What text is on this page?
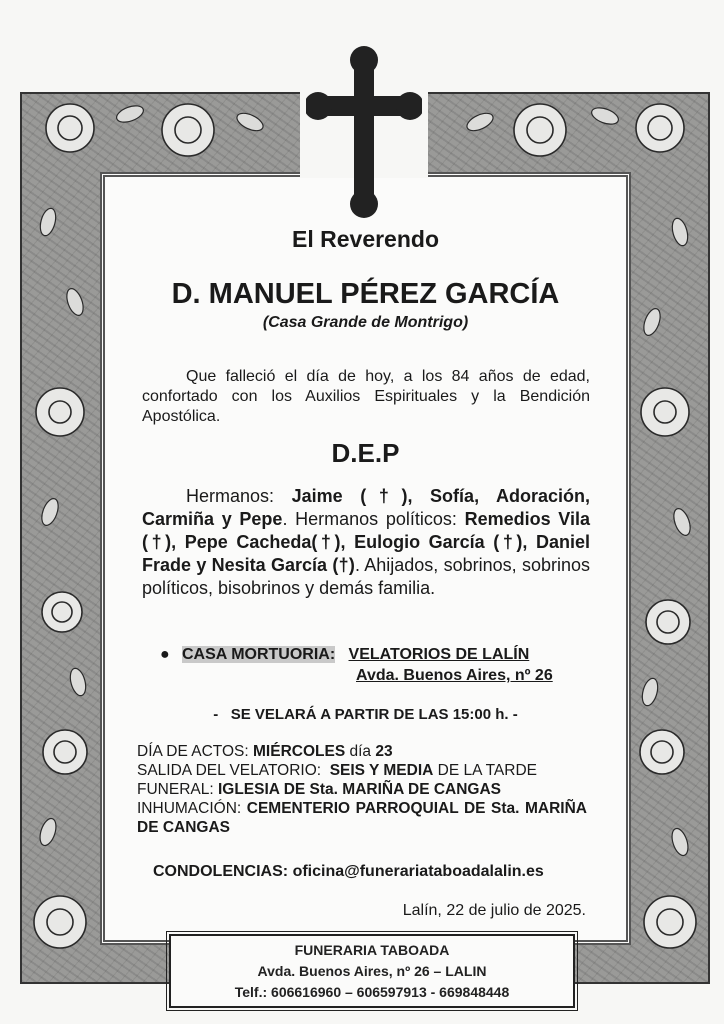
El Reverendo
D. MANUEL PÉREZ GARCÍA
(Casa Grande de Montrigo)

Que falleció el día de hoy, a los 84 años de edad, confortado con los Auxilios Espirituales y la Bendición Apostólica.

D.E.P

Hermanos: Jaime (†), Sofía, Adoración, Carmiña y Pepe. Hermanos políticos: Remedios Vila (†), Pepe Cacheda(†), Eulogio García (†), Daniel Frade y Nesita García (†). Ahijados, sobrinos, sobrinos políticos, bisobrinos y demás familia.

● CASA MORTUORIA: VELATORIOS DE LALÍN
Avda. Buenos Aires, nº 26
-   SE VELARÁ A PARTIR DE LAS 15:00 h. -
DÍA DE ACTOS: MIÉRCOLES día 23
SALIDA DEL VELATORIO:  SEIS Y MEDIA DE LA TARDE
FUNERAL: IGLESIA DE Sta. MARIÑA DE CANGAS
INHUMACIÓN: CEMENTERIO PARROQUIAL DE Sta. MARIÑA DE CANGAS
CONDOLENCIAS: oficina@funerariataboadalalin.es
Lalín, 22 de julio de 2025.
FUNERARIA TABOADA
Avda. Buenos Aires, nº 26 – LALIN
Telf.: 606616960 – 606597913 - 669848448
